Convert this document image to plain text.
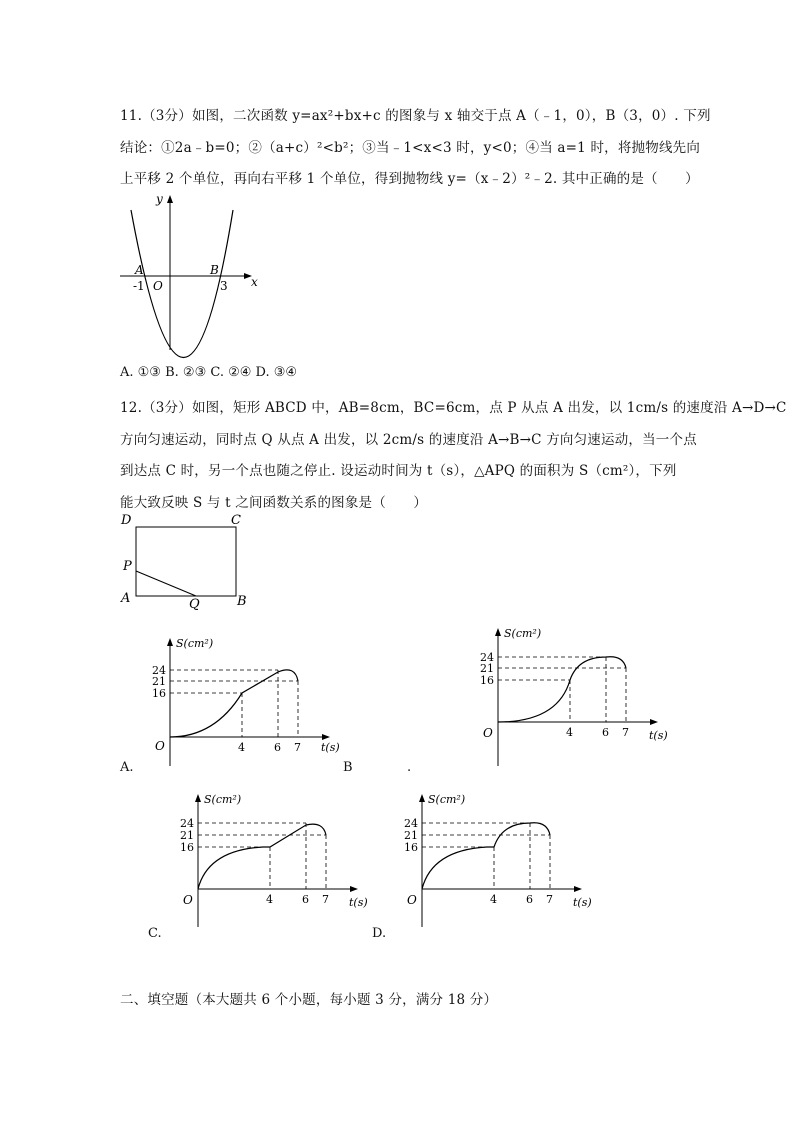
11.（3分）如图，二次函数 y=ax²+bx+c 的图象与 x 轴交于点 A（﹣1，0），B（3，0）. 下列
结论：①2a﹣b=0；②（a+c）²<b²；③当﹣1<x<3 时，y<0；④当 a=1 时，将抛物线先向
上平移 2 个单位，再向右平移 1 个单位，得到抛物线 y=（x﹣2）²﹣2. 其中正确的是（　　）
y
x
A	B
-1 O	3
A. ①③ B. ②③ C. ②④ D. ③④
12.（3分）如图，矩形 ABCD 中，AB=8cm，BC=6cm，点 P 从点 A 出发，以 1cm/s 的速度沿 A→D→C
方向匀速运动，同时点 Q 从点 A 出发，以 2cm/s 的速度沿 A→B→C 方向匀速运动，当一个点
到达点 C 时，另一个点也随之停止. 设运动时间为 t（s），△APQ 的面积为 S（cm²），下列
能大致反映 S 与 t 之间函数关系的图象是（　　）
D	C
P
A	Q	B
S(cm²)
24
21
16
O	4	6 7 t(s)
A.
S(cm²)
24
21
16
O	4	6 7 t(s)
B	.
S(cm²)
24
21
16
O	4	6 7 t(s)
C.
S(cm²)
24
21
16
O	4	6 7 t(s)
D.
二、填空题（本大题共 6 个小题，每小题 3 分，满分 18 分）
